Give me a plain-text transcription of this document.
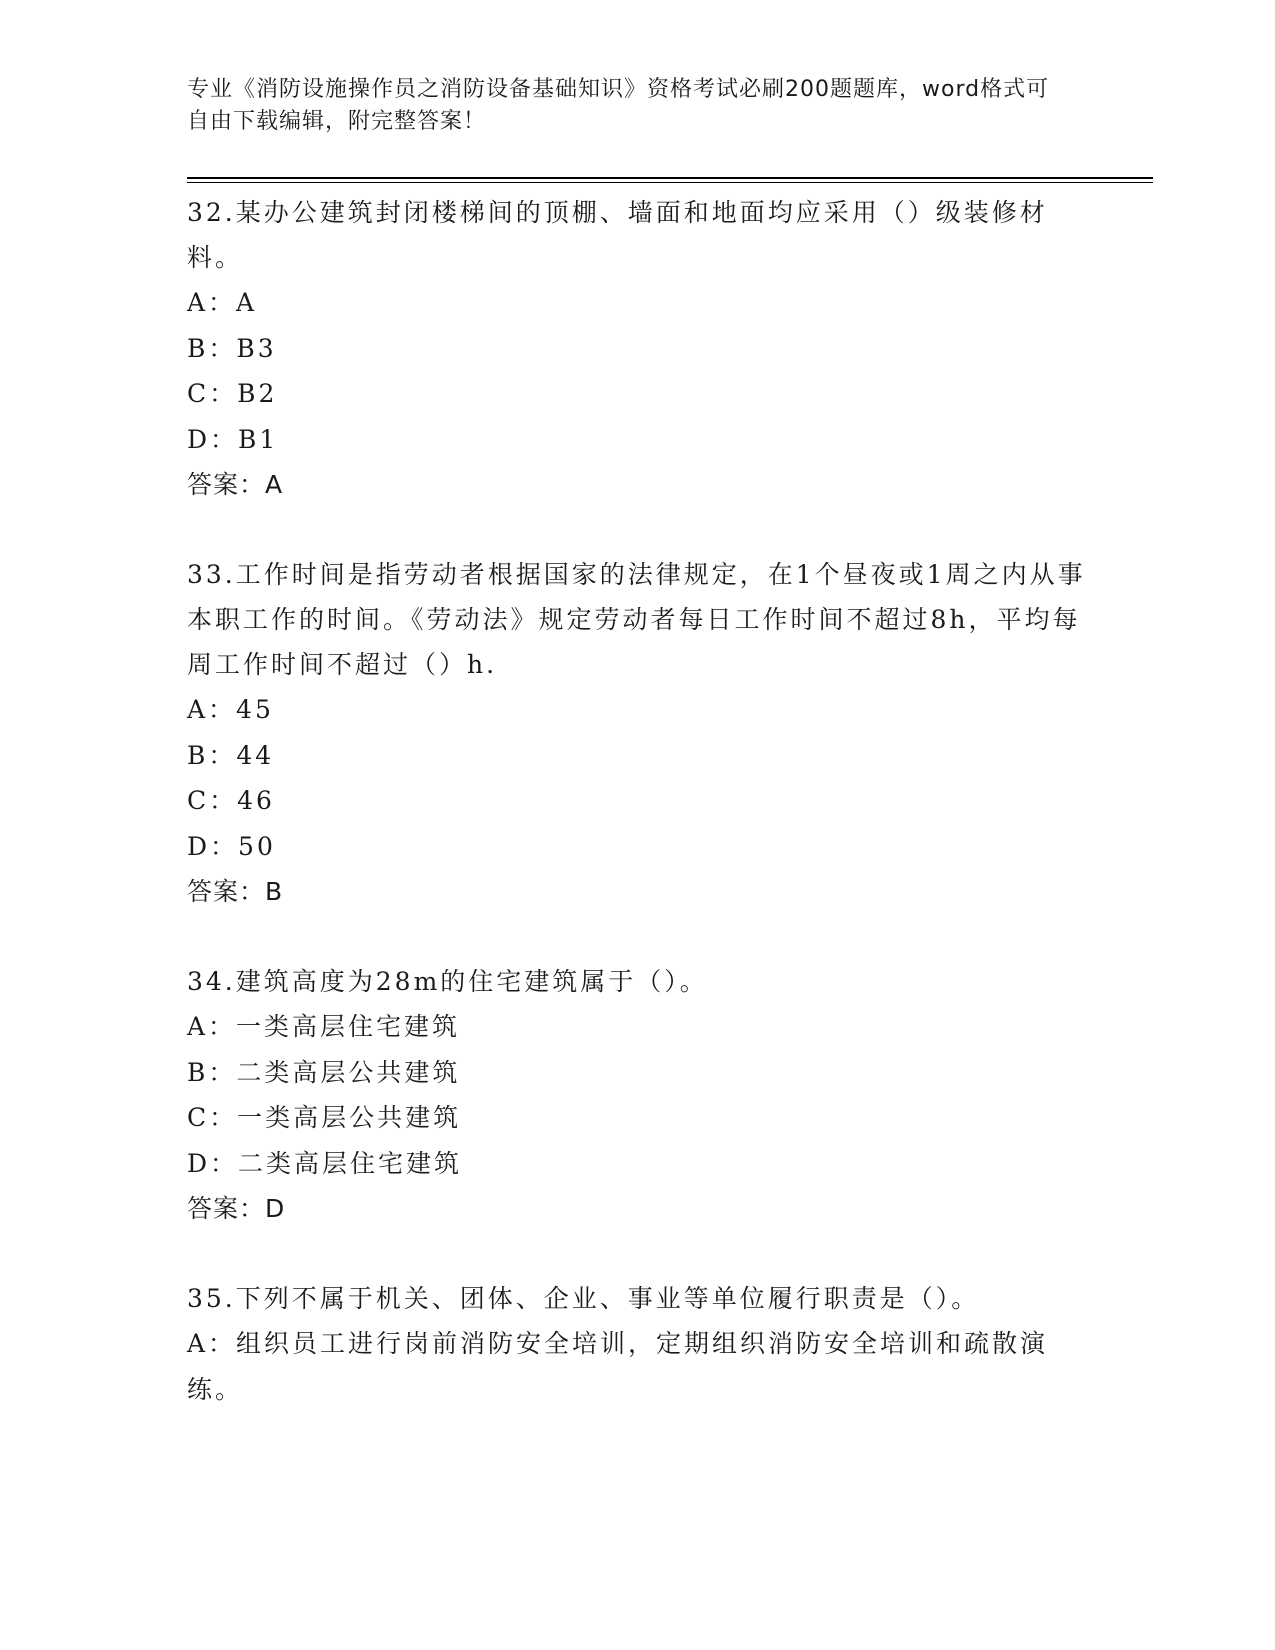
专业《消防设施操作员之消防设备基础知识》资格考试必刷200题题库，word格式可自由下载编辑，附完整答案！
32.某办公建筑封闭楼梯间的顶棚、墙面和地面均应采用（）级装修材料。
A：A
B：B3
C：B2
D：B1
答案：A
33.工作时间是指劳动者根据国家的法律规定，在1个昼夜或1周之内从事本职工作的时间。《劳动法》规定劳动者每日工作时间不超过8h，平均每周工作时间不超过（）h.
A：45
B：44
C：46
D：50
答案：B
34.建筑高度为28m的住宅建筑属于（）。
A：一类高层住宅建筑
B：二类高层公共建筑
C：一类高层公共建筑
D：二类高层住宅建筑
答案：D
35.下列不属于机关、团体、企业、事业等单位履行职责是（）。
A：组织员工进行岗前消防安全培训，定期组织消防安全培训和疏散演练。
